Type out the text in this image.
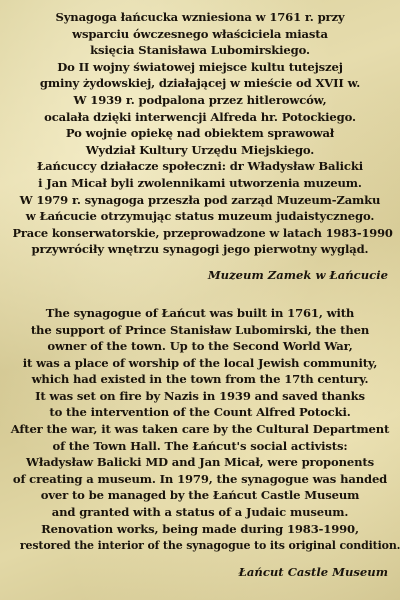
Synagoga łańcucka wzniesiona w 1761 r. przy
wsparciu ówczesnego właściciela miasta
księcia Stanisława Lubomirskiego.
Do II wojny światowej miejsce kultu tutejszej
gminy żydowskiej, działającej w mieście od XVII w.
W 1939 r. podpalona przez hitlerowców,
ocalała dzięki interwencji Alfreda hr. Potockiego.
Po wojnie opiekę nad obiektem sprawował
Wydział Kultury Urzędu Miejskiego.
Łańcuccy działacze społeczni: dr Władysław Balicki
i Jan Micał byli zwolennikami utworzenia muzeum.
W 1979 r. synagoga przeszła pod zarząd Muzeum-Zamku
w Łańcucie otrzymując status muzeum judaistycznego.
Prace konserwatorskie, przeprowadzone w latach 1983-1990
przywróciły wnętrzu synagogi jego pierwotny wygląd.
Muzeum Zamek w Łańcucie
The synagogue of Łańcut was built in 1761, with
the support of Prince Stanisław Lubomirski, the then
owner of the town. Up to the Second World War,
it was a place of worship of the local Jewish community,
which had existed in the town from the 17th century.
It was set on fire by Nazis in 1939 and saved thanks
to the intervention of the Count Alfred Potocki.
After the war, it was taken care by the Cultural Department
of the Town Hall. The Łańcut's social activists:
Władysław Balicki MD and Jan Micał, were proponents
of creating a museum. In 1979, the synagogue was handed
over to be managed by the Łańcut Castle Museum
and granted with a status of a Judaic museum.
Renovation works, being made during 1983-1990,
restored the interior of the synagogue to its original condition.
Łańcut Castle Museum
